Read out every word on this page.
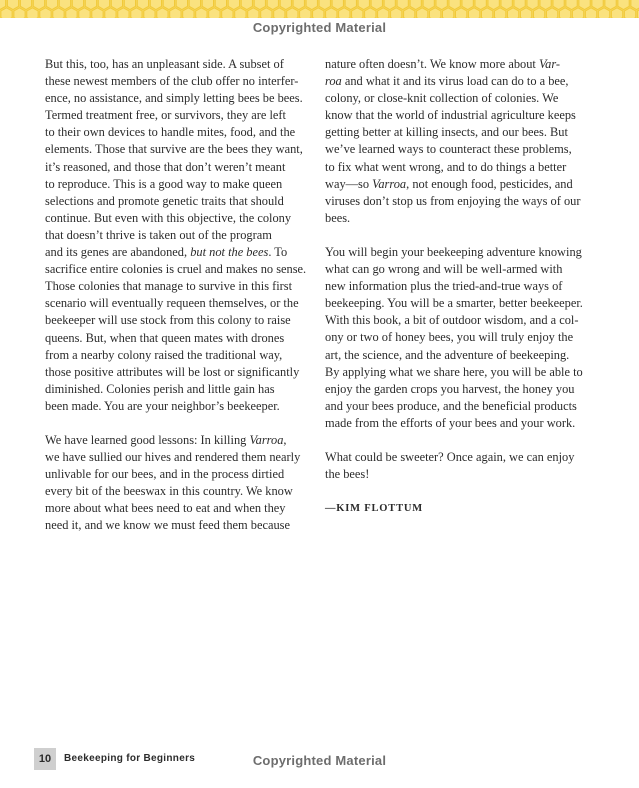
Copyrighted Material

But this, too, has an unpleasant side. A subset of
these newest members of the club offer no interfer-
ence, no assistance, and simply letting bees be bees.
Termed treatment free, or survivors, they are left
to their own devices to handle mites, food, and the
elements. Those that survive are the bees they want,
it’s reasoned, and those that don’t weren’t meant
to reproduce. This is a good way to make queen
selections and promote genetic traits that should
continue. But even with this objective, the colony
that doesn’t thrive is taken out of the program
and its genes are abandoned, but not the bees. To
sacrifice entire colonies is cruel and makes no sense.
Those colonies that manage to survive in this first
scenario will eventually requeen themselves, or the
beekeeper will use stock from this colony to raise
queens. But, when that queen mates with drones
from a nearby colony raised the traditional way,
those positive attributes will be lost or significantly
diminished. Colonies perish and little gain has
been made. You are your neighbor’s beekeeper.

We have learned good lessons: In killing Varroa,
we have sullied our hives and rendered them nearly
unlivable for our bees, and in the process dirtied
every bit of the beeswax in this country. We know
more about what bees need to eat and when they
need it, and we know we must feed them because

nature often doesn’t. We know more about Var-
roa and what it and its virus load can do to a bee,
colony, or close-knit collection of colonies. We
know that the world of industrial agriculture keeps
getting better at killing insects, and our bees. But
we’ve learned ways to counteract these problems,
to fix what went wrong, and to do things a better
way—so Varroa, not enough food, pesticides, and
viruses don’t stop us from enjoying the ways of our
bees.

You will begin your beekeeping adventure knowing
what can go wrong and will be well-armed with
new information plus the tried-and-true ways of
beekeeping. You will be a smarter, better beekeeper.
With this book, a bit of outdoor wisdom, and a col-
ony or two of honey bees, you will truly enjoy the
art, the science, and the adventure of beekeeping.
By applying what we share here, you will be able to
enjoy the garden crops you harvest, the honey you
and your bees produce, and the beneficial products
made from the efforts of your bees and your work.

What could be sweeter? Once again, we can enjoy
the bees!

—KIM FLOTTUM
10	Beekeeping for Beginners	Copyrighted Material
